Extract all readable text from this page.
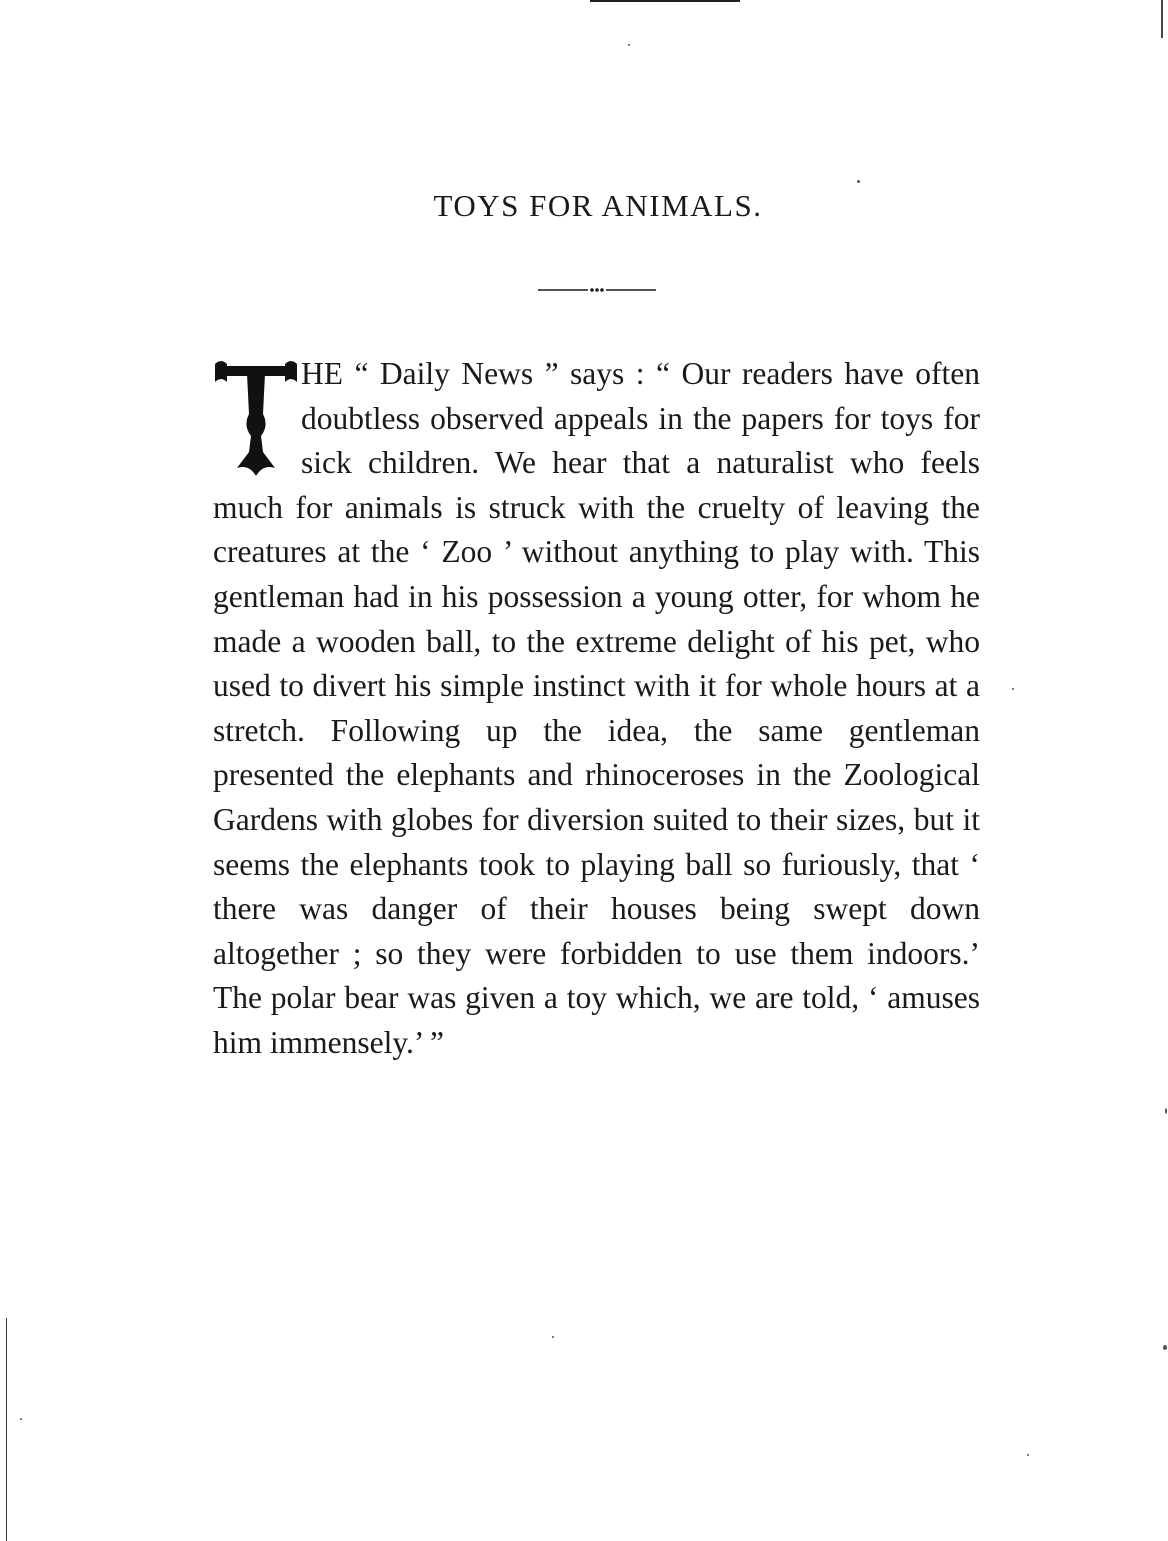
TOYS FOR ANIMALS.
HE “ Daily News ” says : “ Our readers have often doubtless observed appeals in the papers for toys for sick children. We hear that a naturalist who feels much for animals is struck with the cruelty of leaving the creatures at the ‘ Zoo ’ without anything to play with. This gentleman had in his possession a young otter, for whom he made a wooden ball, to the extreme delight of his pet, who used to divert his simple instinct with it for whole hours at a stretch. Following up the idea, the same gentleman presented the elephants and rhinoceroses in the Zoological Gardens with globes for diversion suited to their sizes, but it seems the elephants took to playing ball so furiously, that ‘ there was danger of their houses being swept down altogether ; so they were forbidden to use them indoors.’ The polar bear was given a toy which, we are told, ‘ amuses him immensely.’ ”
